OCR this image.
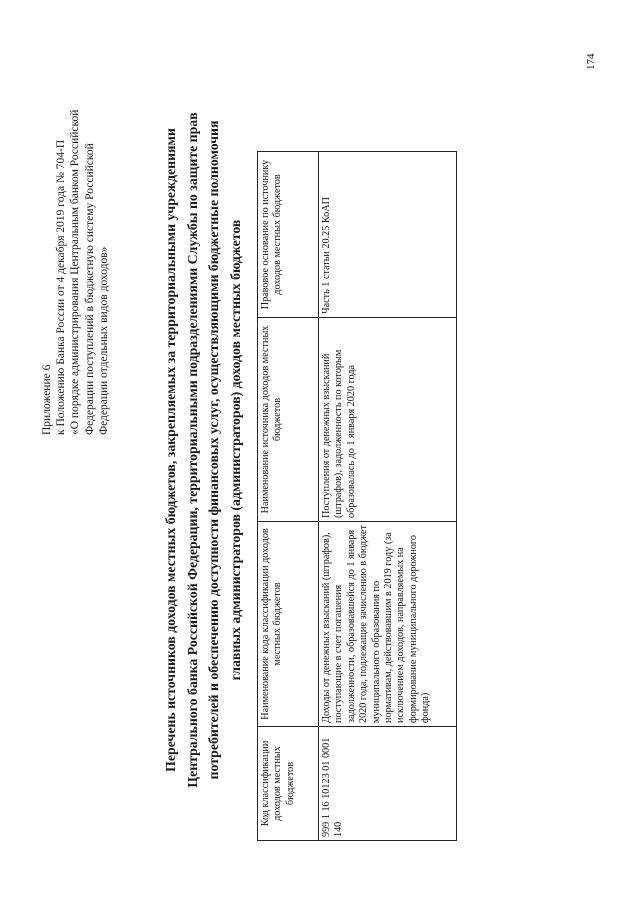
Приложение 6 к Положению Банка России от 4 декабря 2019 года № 704-П «О порядке администрирования Центральным банком Российской Федерации поступлений в бюджетную систему Российской Федерации отдельных видов доходов»	Перечень источников доходов местных бюджетов, закрепляемых за территориальными учреждениями Центрального банка Российской Федерации, территориальными подразделениями Службы по защите прав потребителей и обеспечению доступности финансовых услуг, осуществляющими бюджетные полномочия главных администраторов (администраторов) доходов местных бюджетов
Код классификации доходов местных бюджетов	Наименование кода классификации доходов местных бюджетов	Наименование источника доходов местных бюджетов	Правовое основание по источнику доходов местных бюджетов
999 1 16 10123 01 0001 140	Доходы от денежных взысканий (штрафов), поступающие в счет погашения задолженности, образовавшейся до 1 января 2020 года, подлежащие зачислению в бюджет муниципального образования по нормативам, действовавшим в 2019 году (за исключением доходов, направляемых на формирование муниципального дорожного фонда)	Поступления от денежных взысканий (штрафов), задолженность по которым образовалась до 1 января 2020 года	Часть 1 статьи 20.25 КоАП
174
